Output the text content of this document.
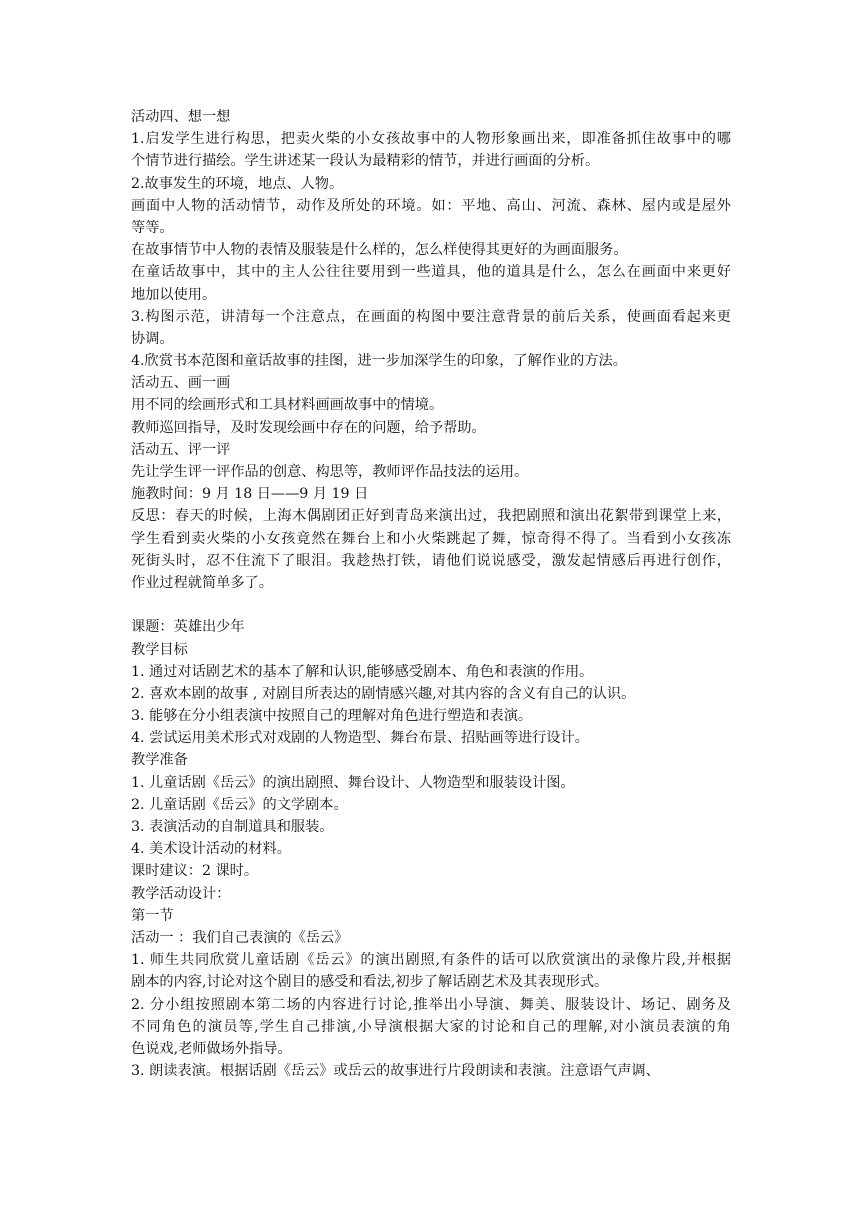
活动四、想一想
1.启发学生进行构思，把卖火柴的小女孩故事中的人物形象画出来，即准备抓住故事中的哪
个情节进行描绘。学生讲述某一段认为最精彩的情节，并进行画面的分析。
2.故事发生的环境，地点、人物。
画面中人物的活动情节，动作及所处的环境。如：平地、高山、河流、森林、屋内或是屋外
等等。
在故事情节中人物的表情及服装是什么样的，怎么样使得其更好的为画面服务。
在童话故事中，其中的主人公往往要用到一些道具，他的道具是什么，怎么在画面中来更好
地加以使用。
3.构图示范，讲清每一个注意点，在画面的构图中要注意背景的前后关系，使画面看起来更
协调。
4.欣赏书本范图和童话故事的挂图，进一步加深学生的印象，了解作业的方法。
活动五、画一画
用不同的绘画形式和工具材料画画故事中的情境。
教师巡回指导，及时发现绘画中存在的问题，给予帮助。
活动五、评一评
先让学生评一评作品的创意、构思等，教师评作品技法的运用。
施教时间：9 月 18 日——9 月 19 日
反思：春天的时候，上海木偶剧团正好到青岛来演出过，我把剧照和演出花絮带到课堂上来，
学生看到卖火柴的小女孩竟然在舞台上和小火柴跳起了舞，惊奇得不得了。当看到小女孩冻
死街头时，忍不住流下了眼泪。我趁热打铁，请他们说说感受，激发起情感后再进行创作，
作业过程就简单多了。
课题：英雄出少年
教学目标
1. 通过对话剧艺术的基本了解和认识,能够感受剧本、角色和表演的作用。
2. 喜欢本剧的故事 , 对剧目所表达的剧情感兴趣,对其内容的含义有自己的认识。
3. 能够在分小组表演中按照自己的理解对角色进行塑造和表演。
4. 尝试运用美术形式对戏剧的人物造型、舞台布景、招贴画等进行设计。
教学准备
1. 儿童话剧《岳云》的演出剧照、舞台设计、人物造型和服装设计图。
2. 儿童话剧《岳云》的文学剧本。
3. 表演活动的自制道具和服装。
4. 美术设计活动的材料。
课时建议：2 课时。
教学活动设计：
第一节
活动一 ：我们自己表演的《岳云》
1. 师生共同欣赏儿童话剧《岳云》的演出剧照,有条件的话可以欣赏演出的录像片段,并根据
剧本的内容,讨论对这个剧目的感受和看法,初步了解话剧艺术及其表现形式。
2. 分小组按照剧本第二场的内容进行讨论,推举出小导演、舞美、服装设计、场记、剧务及
不同角色的演员等,学生自己排演,小导演根据大家的讨论和自己的理解,对小演员表演的角
色说戏,老师做场外指导。
3. 朗读表演。根据话剧《岳云》或岳云的故事进行片段朗读和表演。注意语气声调、
